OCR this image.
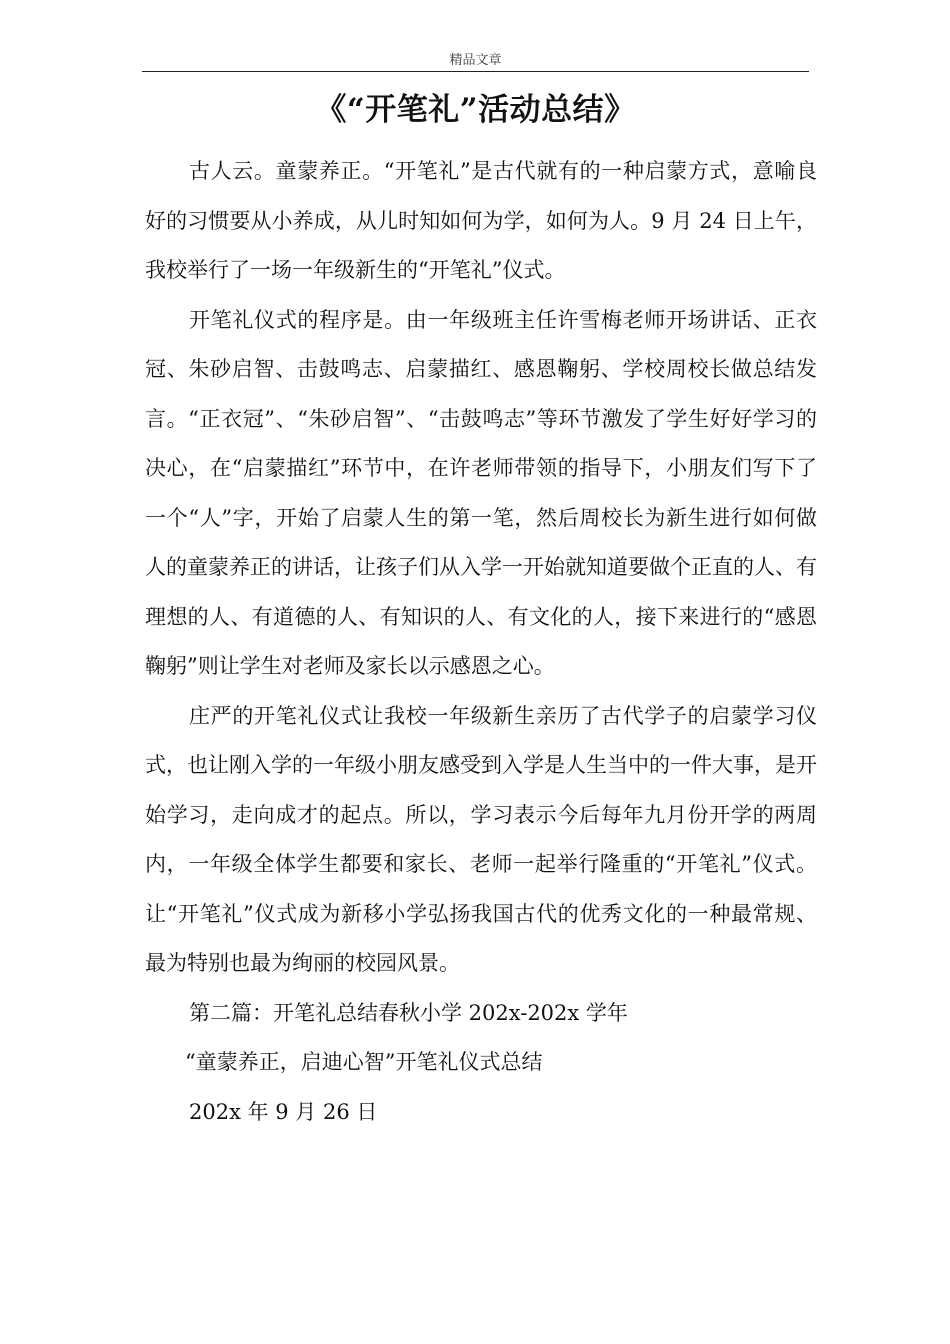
精品文章
《“开笔礼”活动总结》

古人云。童蒙养正。“开笔礼”是古代就有的一种启蒙方式，意喻良好的习惯要从小养成，从儿时知如何为学，如何为人。9 月 24 日上午，我校举行了一场一年级新生的“开笔礼”仪式。

开笔礼仪式的程序是。由一年级班主任许雪梅老师开场讲话、正衣冠、朱砂启智、击鼓鸣志、启蒙描红、感恩鞠躬、学校周校长做总结发言。“正衣冠”、“朱砂启智”、“击鼓鸣志”等环节激发了学生好好学习的决心，在“启蒙描红”环节中，在许老师带领的指导下，小朋友们写下了一个“人”字，开始了启蒙人生的第一笔，然后周校长为新生进行如何做人的童蒙养正的讲话，让孩子们从入学一开始就知道要做个正直的人、有理想的人、有道德的人、有知识的人、有文化的人，接下来进行的“感恩鞠躬”则让学生对老师及家长以示感恩之心。

庄严的开笔礼仪式让我校一年级新生亲历了古代学子的启蒙学习仪式，也让刚入学的一年级小朋友感受到入学是人生当中的一件大事，是开始学习，走向成才的起点。所以，学习表示今后每年九月份开学的两周内，一年级全体学生都要和家长、老师一起举行隆重的“开笔礼”仪式。让“开笔礼”仪式成为新移小学弘扬我国古代的优秀文化的一种最常规、最为特别也最为绚丽的校园风景。

第二篇：开笔礼总结春秋小学 202x-202x 学年

“童蒙养正，启迪心智”开笔礼仪式总结

202x 年 9 月 26 日
